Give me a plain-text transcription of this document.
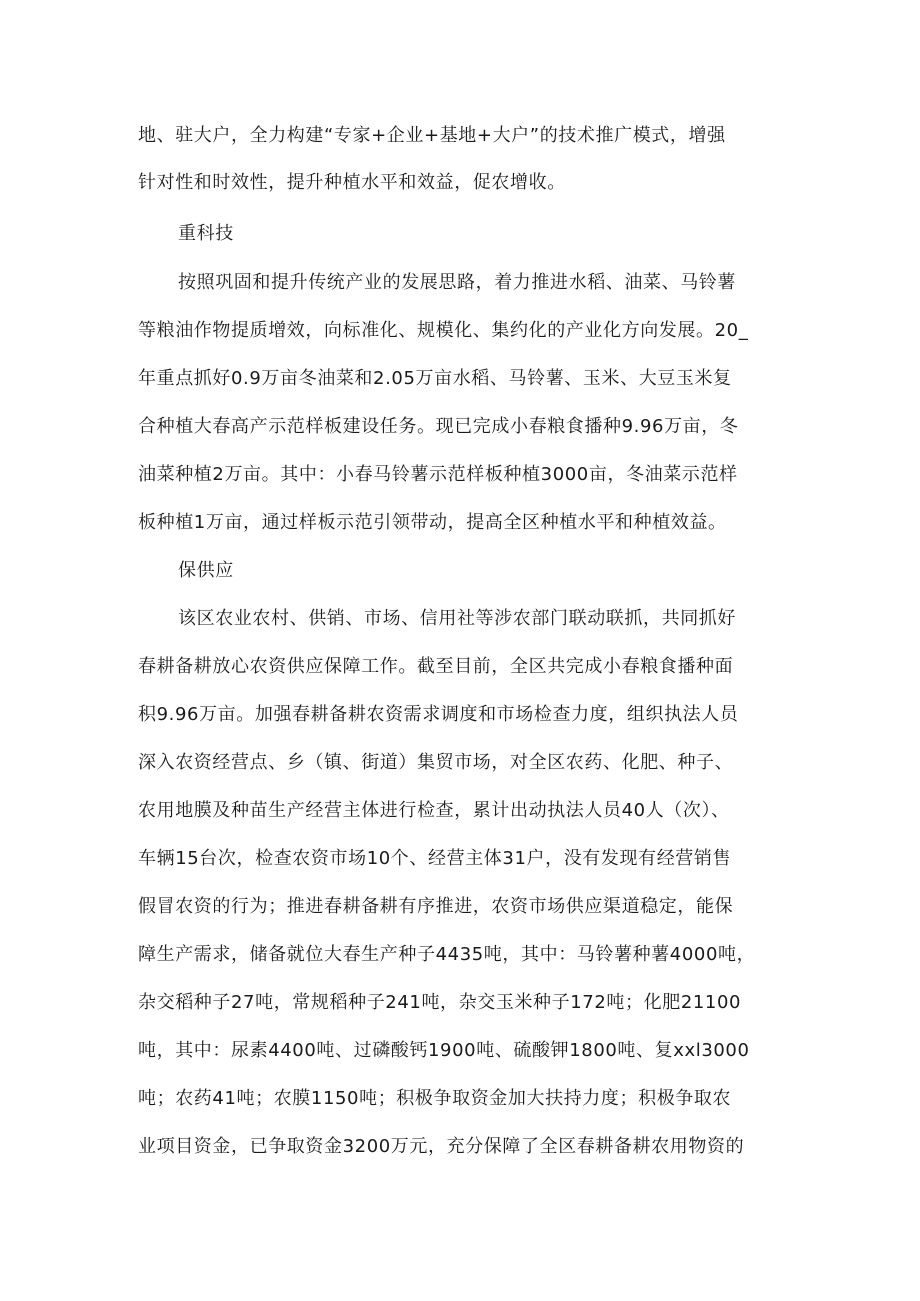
地、驻大户，全力构建“专家+企业+基地+大户”的技术推广模式，增强
针对性和时效性，提升种植水平和效益，促农增收。
重科技
按照巩固和提升传统产业的发展思路，着力推进水稻、油菜、马铃薯
等粮油作物提质增效，向标准化、规模化、集约化的产业化方向发展。20_
年重点抓好0.9万亩冬油菜和2.05万亩水稻、马铃薯、玉米、大豆玉米复
合种植大春高产示范样板建设任务。现已完成小春粮食播种9.96万亩，冬
油菜种植2万亩。其中：小春马铃薯示范样板种植3000亩，冬油菜示范样
板种植1万亩，通过样板示范引领带动，提高全区种植水平和种植效益。
保供应
该区农业农村、供销、市场、信用社等涉农部门联动联抓，共同抓好
春耕备耕放心农资供应保障工作。截至目前，全区共完成小春粮食播种面
积9.96万亩。加强春耕备耕农资需求调度和市场检查力度，组织执法人员
深入农资经营点、乡（镇、街道）集贸市场，对全区农药、化肥、种子、
农用地膜及种苗生产经营主体进行检查，累计出动执法人员40人（次）、
车辆15台次，检查农资市场10个、经营主体31户，没有发现有经营销售
假冒农资的行为；推进春耕备耕有序推进，农资市场供应渠道稳定，能保
障生产需求，储备就位大春生产种子4435吨，其中：马铃薯种薯4000吨，
杂交稻种子27吨，常规稻种子241吨，杂交玉米种子172吨；化肥21100
吨，其中：尿素4400吨、过磷酸钙1900吨、硫酸钾1800吨、复xxl3000
吨；农药41吨；农膜1150吨；积极争取资金加大扶持力度；积极争取农
业项目资金，已争取资金3200万元，充分保障了全区春耕备耕农用物资的
